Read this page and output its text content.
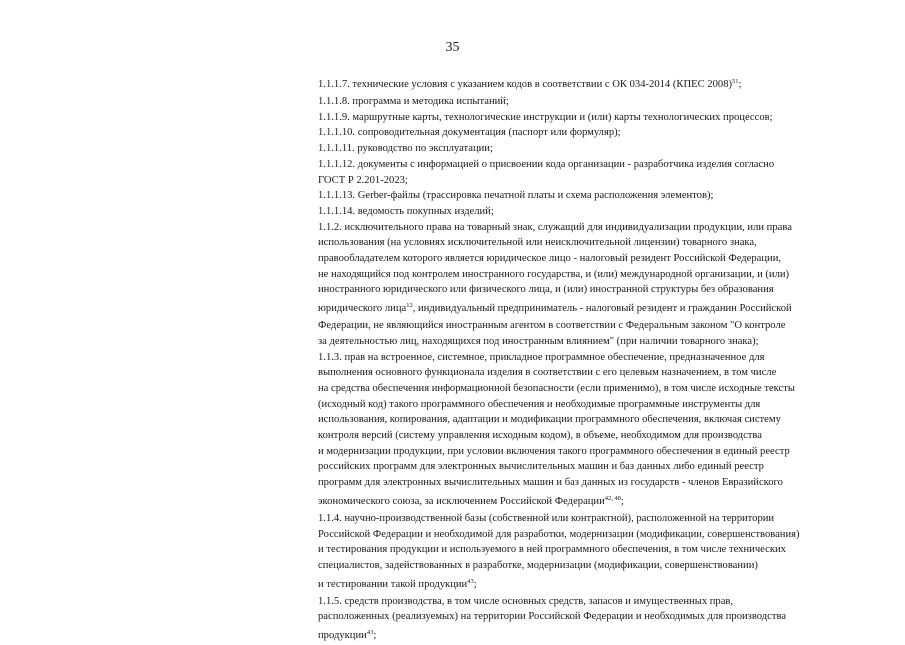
35
1.1.1.7. технические условия с указанием кодов в соответствии с ОК 034-2014 (КПЕС 2008)$^{51}$;
1.1.1.8. программа и методика испытаний;
1.1.1.9. маршрутные карты, технологические инструкции и (или) карты технологических процессов;
1.1.1.10. сопроводительная документация (паспорт или формуляр);
1.1.1.11. руководство по эксплуатации;
1.1.1.12. документы с информацией о присвоении кода организации - разработчика изделия согласно
ГОСТ Р 2.201-2023;
1.1.1.13. Gerber-файлы (трассировка печатной платы и схема расположения элементов);
1.1.1.14. ведомость покупных изделий;
1.1.2. исключительного права на товарный знак, служащий для индивидуализации продукции, или права
использования (на условиях исключительной или неисключительной лицензии) товарного знака,
правообладателем которого является юридическое лицо - налоговый резидент Российской Федерации,
не находящийся под контролем иностранного государства, и (или) международной организации, и (или)
иностранного юридического или физического лица, и (или) иностранной структуры без образования
юридического лица$^{12}$, индивидуальный предприниматель - налоговый резидент и гражданин Российской
Федерации, не являющийся иностранным агентом в соответствии с Федеральным законом "О контроле
за деятельностью лиц, находящихся под иностранным влиянием" (при наличии товарного знака);
1.1.3. прав на встроенное, системное, прикладное программное обеспечение, предназначенное для
выполнения основного функционала изделия в соответствии с его целевым назначением, в том числе
на средства обеспечения информационной безопасности (если применимо), в том числе исходные тексты
(исходный код) такого программного обеспечения и необходимые программные инструменты для
использования, копирования, адаптации и модификации программного обеспечения, включая систему
контроля версий (систему управления исходным кодом), в объеме, необходимом для производства
и модернизации продукции, при условии включения такого программного обеспечения в единый реестр
российских программ для электронных вычислительных машин и баз данных либо единый реестр
программ для электронных вычислительных машин и баз данных из государств - членов Евразийского
экономического союза, за исключением Российской Федерации$^{42, 48}$;
1.1.4. научно-производственной базы (собственной или контрактной), расположенной на территории
Российской Федерации и необходимой для разработки, модернизации (модификации, совершенствования)
и тестирования продукции и используемого в ней программного обеспечения, в том числе технических
специалистов, задействованных в разработке, модернизации (модификации, совершенствовании)
и тестировании такой продукции$^{43}$;
1.1.5. средств производства, в том числе основных средств, запасов и имущественных прав,
расположенных (реализуемых) на территории Российской Федерации и необходимых для производства
продукции$^{43}$;
